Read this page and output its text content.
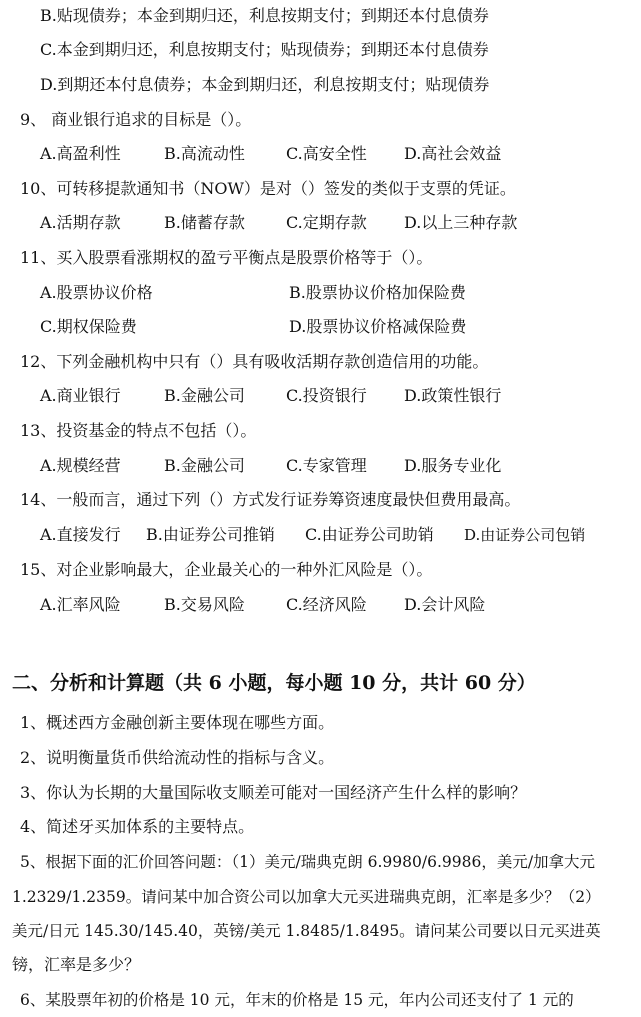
B.贴现债券；本金到期归还，利息按期支付；到期还本付息债券
C.本金到期归还，利息按期支付；贴现债券；到期还本付息债券
D.到期还本付息债券；本金到期归还，利息按期支付；贴现债券
9、 商业银行追求的目标是（）。
A.高盈利性	B.高流动性	C.高安全性 D.高社会效益
10、可转移提款通知书（NOW）是对（）签发的类似于支票的凭证。
A.活期存款	B.储蓄存款	C.定期存款 D.以上三种存款
11、买入股票看涨期权的盈亏平衡点是股票价格等于（）。
A.股票协议价格	B.股票协议价格加保险费
C.期权保险费	D.股票协议价格减保险费
12、下列金融机构中只有（）具有吸收活期存款创造信用的功能。
A.商业银行	B.金融公司	C.投资银行 D.政策性银行
13、投资基金的特点不包括（）。
A.规模经营	B.金融公司	C.专家管理 D.服务专业化
14、一般而言，通过下列（）方式发行证券筹资速度最快但费用最高。
A.直接发行 B.由证券公司推销 C.由证券公司助销 D.由证券公司包销
15、对企业影响最大，企业最关心的一种外汇风险是（）。
A.汇率风险	B.交易风险	C.经济风险 D.会计风险
二、分析和计算题（共 6 小题，每小题 10 分，共计 60 分）
1、概述西方金融创新主要体现在哪些方面。
2、说明衡量货币供给流动性的指标与含义。
3、你认为长期的大量国际收支顺差可能对一国经济产生什么样的影响？
4、简述牙买加体系的主要特点。
5、根据下面的汇价回答问题：（1）美元/瑞典克朗 6.9980/6.9986，美元/加拿大元
1.2329/1.2359。请问某中加合资公司以加拿大元买进瑞典克朗，汇率是多少？（2）
美元/日元 145.30/145.40，英镑/美元 1.8485/1.8495。请问某公司要以日元买进英
镑，汇率是多少？
6、某股票年初的价格是 10 元，年末的价格是 15 元，年内公司还支付了 1 元的
